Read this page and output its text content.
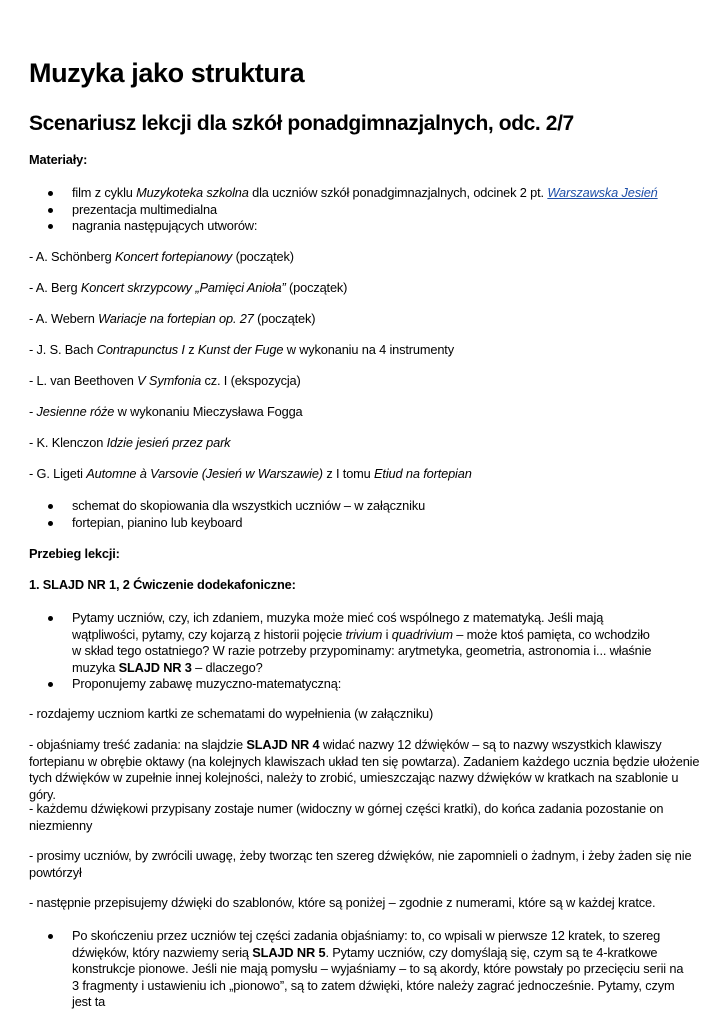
Muzyka jako struktura
Scenariusz lekcji dla szkół ponadgimnazjalnych, odc. 2/7

Materiały:

film z cyklu Muzykoteka szkolna dla uczniów szkół ponadgimnazjalnych, odcinek 2 pt. Warszawska Jesień
prezentacja multimedialna
nagrania następujących utworów:

- A. Schönberg Koncert fortepianowy (początek)

- A. Berg Koncert skrzypcowy „Pamięci Anioła” (początek)

- A. Webern Wariacje na fortepian op. 27 (początek)

- J. S. Bach Contrapunctus I z Kunst der Fuge w wykonaniu na 4 instrumenty

- L. van Beethoven V Symfonia cz. I (ekspozycja)

- Jesienne róże w wykonaniu Mieczysława Fogga

- K. Klenczon Idzie jesień przez park

- G. Ligeti Automne à Varsovie (Jesień w Warszawie) z I tomu Etiud na fortepian

schemat do skopiowania dla wszystkich uczniów – w załączniku
fortepian, pianino lub keyboard

Przebieg lekcji:

1. SLAJD NR 1, 2 Ćwiczenie dodekafoniczne:

Pytamy uczniów, czy, ich zdaniem, muzyka może mieć coś wspólnego z matematyką. Jeśli mają wątpliwości, pytamy, czy kojarzą z historii pojęcie trivium i quadrivium – może ktoś pamięta, co wchodziło w skład tego ostatniego? W razie potrzeby przypominamy: arytmetyka, geometria, astronomia i... właśnie muzyka SLAJD NR 3 – dlaczego?
Proponujemy zabawę muzyczno-matematyczną:

- rozdajemy uczniom kartki ze schematami do wypełnienia (w załączniku)

- objaśniamy treść zadania: na slajdzie SLAJD NR 4 widać nazwy 12 dźwięków – są to nazwy wszystkich klawiszy fortepianu w obrębie oktawy (na kolejnych klawiszach układ ten się powtarza). Zadaniem każdego ucznia będzie ułożenie tych dźwięków w zupełnie innej kolejności, należy to zrobić, umieszczając nazwy dźwięków w kratkach na szablonie u góry.

- każdemu dźwiękowi przypisany zostaje numer (widoczny w górnej części kratki), do końca zadania pozostanie on niezmienny

- prosimy uczniów, by zwrócili uwagę, żeby tworząc ten szereg dźwięków, nie zapomnieli o żadnym, i żeby żaden się nie powtórzył

- następnie przepisujemy dźwięki do szablonów, które są poniżej – zgodnie z numerami, które są w każdej kratce.

Po skończeniu przez uczniów tej części zadania objaśniamy: to, co wpisali w pierwsze 12 kratek, to szereg dźwięków, który nazwiemy serią SLAJD NR 5. Pytamy uczniów, czy domyślają się, czym są te 4-kratkowe konstrukcje pionowe. Jeśli nie mają pomysłu – wyjaśniamy – to są akordy, które powstały po przecięciu serii na 3 fragmenty i ustawieniu ich „pionowo”, są to zatem dźwięki, które należy zagrać jednocześnie. Pytamy, czym jest ta
